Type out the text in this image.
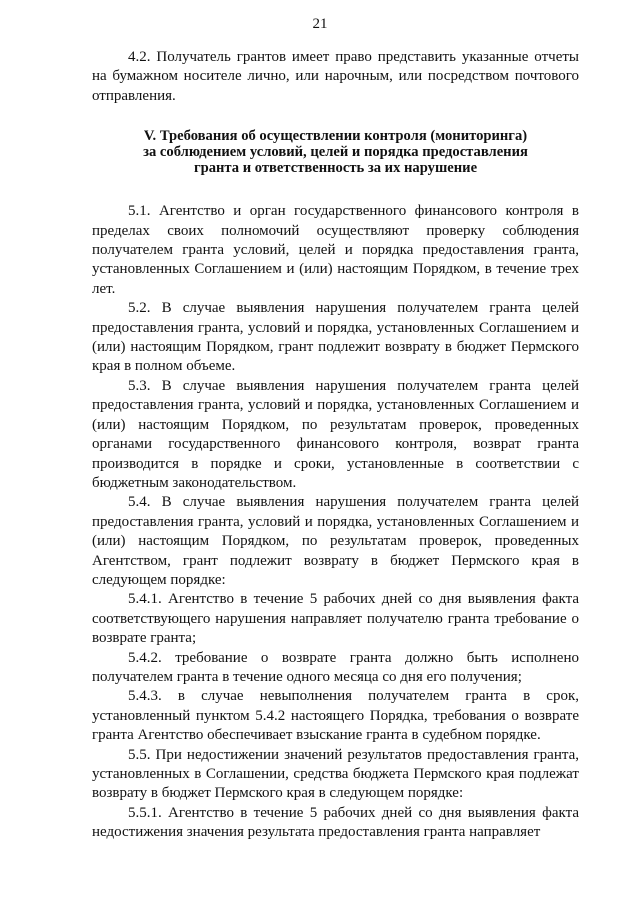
21

4.2. Получатель грантов имеет право представить указанные отчеты на бумажном носителе лично, или нарочным, или посредством почтового отправления.

V. Требования об осуществлении контроля (мониторинга)
за соблюдением условий, целей и порядка предоставления
гранта и ответственность за их нарушение

5.1. Агентство и орган государственного финансового контроля в пределах своих полномочий осуществляют проверку соблюдения получателем гранта условий, целей и порядка предоставления гранта, установленных Соглашением и (или) настоящим Порядком, в течение трех лет.

5.2. В случае выявления нарушения получателем гранта целей предоставления гранта, условий и порядка, установленных Соглашением и (или) настоящим Порядком, грант подлежит возврату в бюджет Пермского края в полном объеме.

5.3. В случае выявления нарушения получателем гранта целей предоставления гранта, условий и порядка, установленных Соглашением и (или) настоящим Порядком, по результатам проверок, проведенных органами государственного финансового контроля, возврат гранта производится в порядке и сроки, установленные в соответствии с бюджетным законодательством.

5.4. В случае выявления нарушения получателем гранта целей предоставления гранта, условий и порядка, установленных Соглашением и (или) настоящим Порядком, по результатам проверок, проведенных Агентством, грант подлежит возврату в бюджет Пермского края в следующем порядке:

5.4.1. Агентство в течение 5 рабочих дней со дня выявления факта соответствующего нарушения направляет получателю гранта требование о возврате гранта;

5.4.2. требование о возврате гранта должно быть исполнено получателем гранта в течение одного месяца со дня его получения;

5.4.3. в случае невыполнения получателем гранта в срок, установленный пунктом 5.4.2 настоящего Порядка, требования о возврате гранта Агентство обеспечивает взыскание гранта в судебном порядке.

5.5. При недостижении значений результатов предоставления гранта, установленных в Соглашении, средства бюджета Пермского края подлежат возврату в бюджет Пермского края в следующем порядке:

5.5.1. Агентство в течение 5 рабочих дней со дня выявления факта недостижения значения результата предоставления гранта направляет
